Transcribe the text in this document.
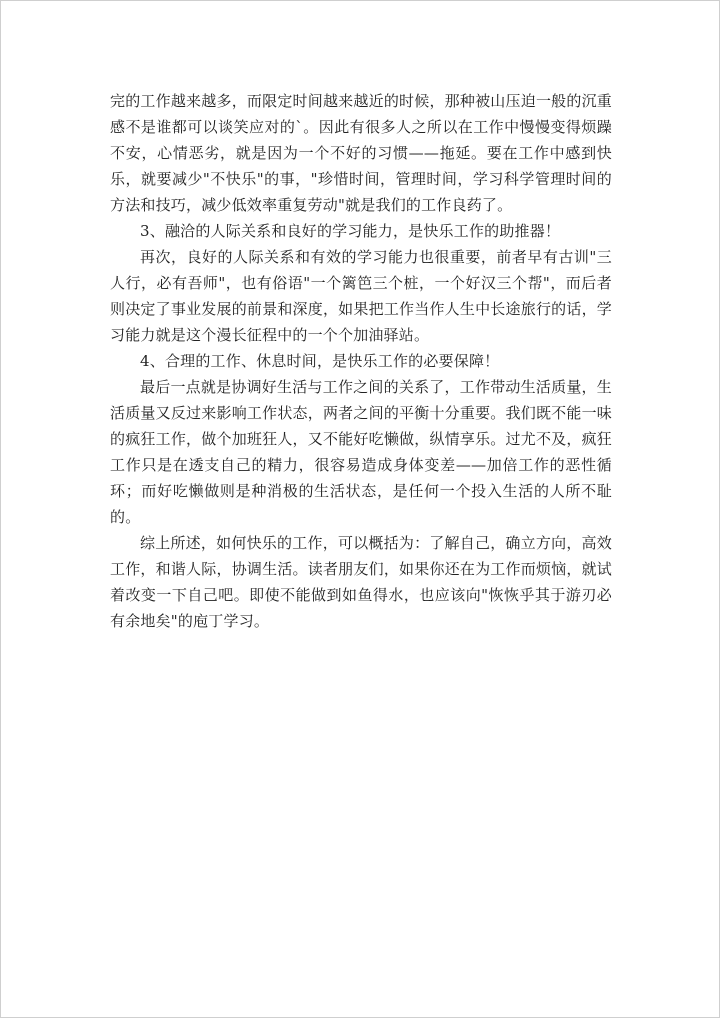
完的工作越来越多，而限定时间越来越近的时候，那种被山压迫一般的沉重感不是谁都可以谈笑应对的`。因此有很多人之所以在工作中慢慢变得烦躁不安，心情恶劣，就是因为一个不好的习惯——拖延。要在工作中感到快乐，就要减少"不快乐"的事，"珍惜时间，管理时间，学习科学管理时间的方法和技巧，减少低效率重复劳动"就是我们的工作良药了。

3、融洽的人际关系和良好的学习能力，是快乐工作的助推器！

再次，良好的人际关系和有效的学习能力也很重要，前者早有古训"三人行，必有吾师"，也有俗语"一个篱笆三个桩，一个好汉三个帮"，而后者则决定了事业发展的前景和深度，如果把工作当作人生中长途旅行的话，学习能力就是这个漫长征程中的一个个加油驿站。

4、合理的工作、休息时间，是快乐工作的必要保障！

最后一点就是协调好生活与工作之间的关系了，工作带动生活质量，生活质量又反过来影响工作状态，两者之间的平衡十分重要。我们既不能一味的疯狂工作，做个加班狂人，又不能好吃懒做，纵情享乐。过尤不及，疯狂工作只是在透支自己的精力，很容易造成身体变差——加倍工作的恶性循环；而好吃懒做则是种消极的生活状态，是任何一个投入生活的人所不耻的。

综上所述，如何快乐的工作，可以概括为：了解自己，确立方向，高效工作，和谐人际，协调生活。读者朋友们，如果你还在为工作而烦恼，就试着改变一下自己吧。即使不能做到如鱼得水，也应该向"恢恢乎其于游刃必有余地矣"的庖丁学习。
